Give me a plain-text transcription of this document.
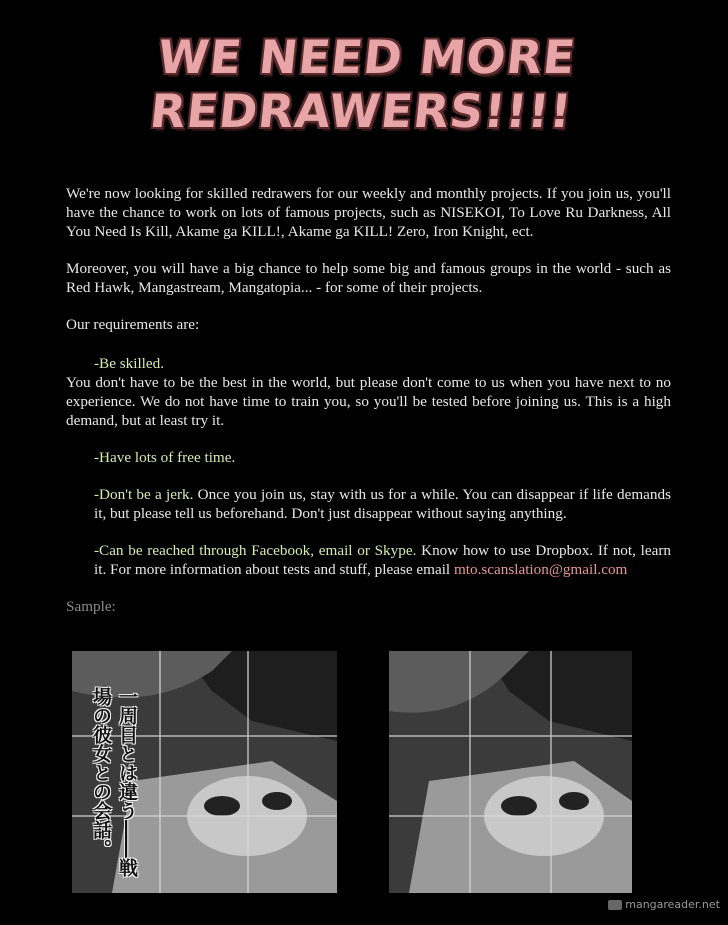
WE NEED MORE REDRAWERS!!!!

We're now looking for skilled redrawers for our weekly and monthly projects. If you join us, you'll have the chance to work on lots of famous projects, such as NISEKOI, To Love Ru Darkness, All You Need Is Kill, Akame ga KILL!, Akame ga KILL! Zero, Iron Knight, ect.

Moreover, you will have a big chance to help some big and famous groups in the world - such as Red Hawk, Mangastream, Mangatopia... - for some of their projects.

Our requirements are:

-Be skilled.

You don't have to be the best in the world, but please don't come to us when you have next to no experience. We do not have time to train you, so you'll be tested before joining us. This is a high demand, but at least try it.

-Have lots of free time.

-Don't be a jerk. Once you join us, stay with us for a while. You can disappear if life demands it, but please tell us beforehand. Don't just disappear without saying anything.

-Can be reached through Facebook, email or Skype. Know how to use Dropbox. If not, learn it. For more information about tests and stuff, please email mto.scanslation@gmail.com

Sample:

一周目とは違う――戦場の彼女との会話。
mangareader.net
